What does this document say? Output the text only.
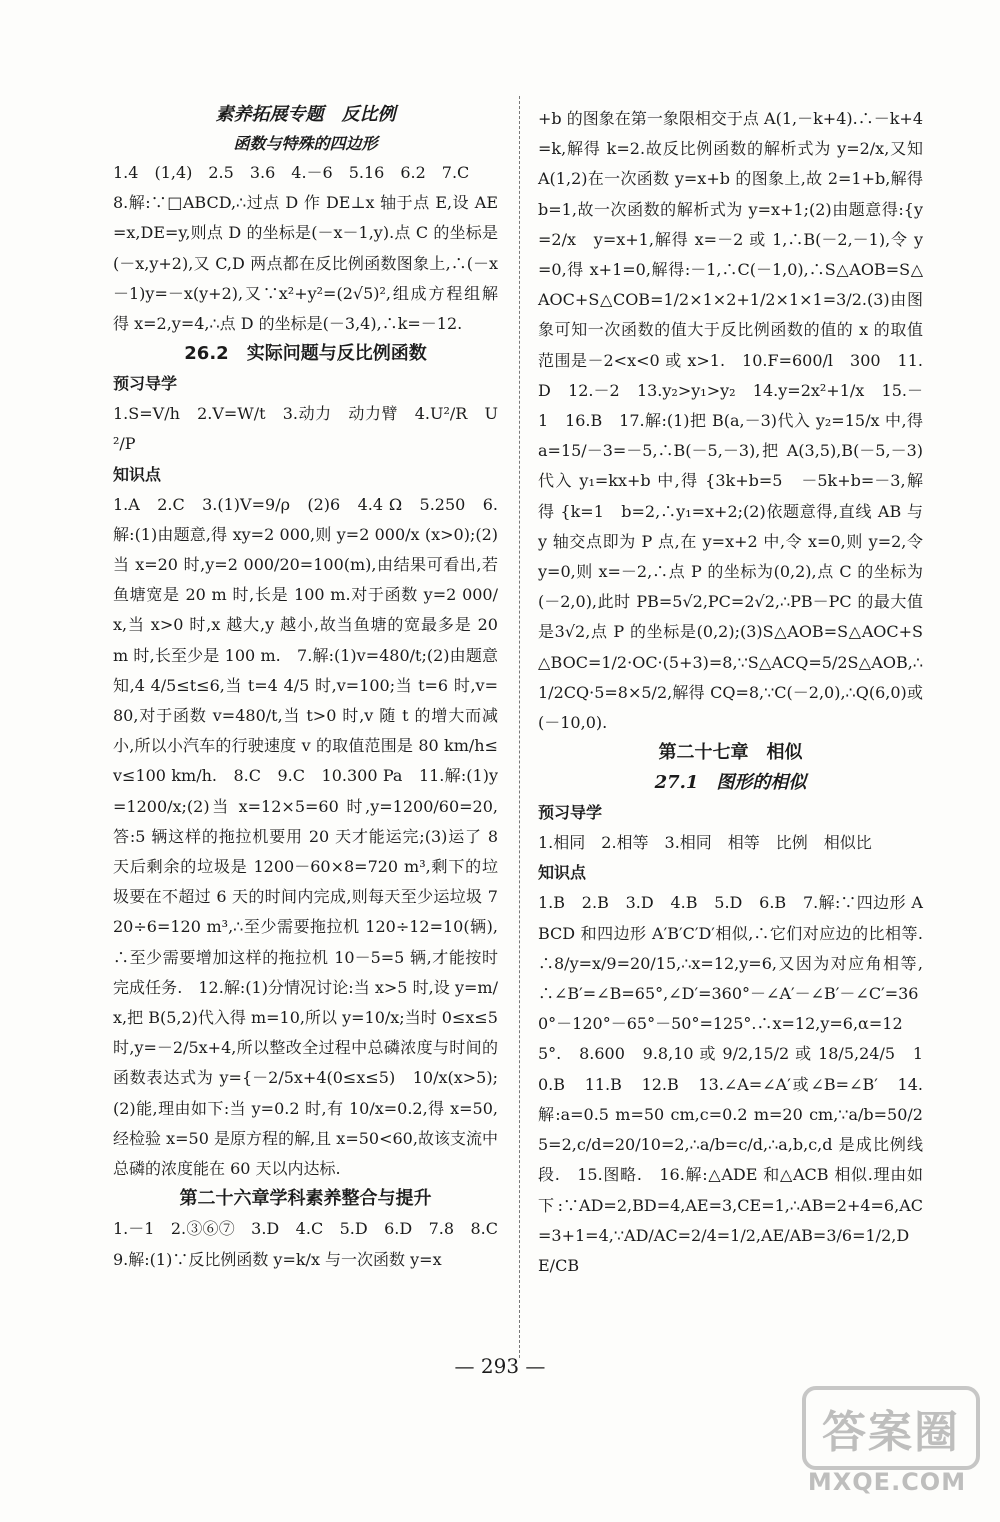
素养拓展专题　反比例

函数与特殊的四边形

1.4　(1,4)　2.5　3.6　4.－6　5.16　6.2　7.C

8.解:∵□ABCD,∴过点 D 作 DE⊥x 轴于点 E,设 AE=x,DE=y,则点 D 的坐标是(－x－1,y).点 C 的坐标是(－x,y+2),又 C,D 两点都在反比例函数图象上,∴(－x－1)y=－x(y+2),又∵x²+y²=(2√5)²,组成方程组解得 x=2,y=4,∴点 D 的坐标是(－3,4),∴k=－12.

26.2　实际问题与反比例函数

预习导学

1.S=V/h　2.V=W/t　3.动力　动力臂　4.U²/R　U²/P

知识点

1.A　2.C　3.(1)V=9/ρ　(2)6　4.4 Ω　5.250　6.解:(1)由题意,得 xy=2 000,则 y=2 000/x (x>0);(2)当 x=20 时,y=2 000/20=100(m),由结果可看出,若鱼塘宽是 20 m 时,长是 100 m.对于函数 y=2 000/x,当 x>0 时,x 越大,y 越小,故当鱼塘的宽最多是 20 m 时,长至少是 100 m.　7.解:(1)v=480/t;(2)由题意知,4 4/5≤t≤6,当 t=4 4/5 时,v=100;当 t=6 时,v=80,对于函数 v=480/t,当 t>0 时,v 随 t 的增大而减小,所以小汽车的行驶速度 v 的取值范围是 80 km/h≤v≤100 km/h.　8.C　9.C　10.300 Pa　11.解:(1)y=1200/x;(2)当 x=12×5=60 时,y=1200/60=20,答:5 辆这样的拖拉机要用 20 天才能运完;(3)运了 8 天后剩余的垃圾是 1200－60×8=720 m³,剩下的垃圾要在不超过 6 天的时间内完成,则每天至少运垃圾 720÷6=120 m³,∴至少需要拖拉机 120÷12=10(辆),∴至少需要增加这样的拖拉机 10－5=5 辆,才能按时完成任务.　12.解:(1)分情况讨论:当 x>5 时,设 y=m/x,把 B(5,2)代入得 m=10,所以 y=10/x;当时 0≤x≤5 时,y=－2/5x+4,所以整改全过程中总磷浓度与时间的函数表达式为 y={－2/5x+4(0≤x≤5)　10/x(x>5);(2)能,理由如下:当 y=0.2 时,有 10/x=0.2,得 x=50,经检验 x=50 是原方程的解,且 x=50<60,故该支流中总磷的浓度能在 60 天以内达标.

第二十六章学科素养整合与提升

1.－1　2.③⑥⑦　3.D　4.C　5.D　6.D　7.8　8.C　9.解:(1)∵反比例函数 y=k/x 与一次函数 y=x

+b 的图象在第一象限相交于点 A(1,－k+4).∴－k+4=k,解得 k=2.故反比例函数的解析式为 y=2/x,又知 A(1,2)在一次函数 y=x+b 的图象上,故 2=1+b,解得 b=1,故一次函数的解析式为 y=x+1;(2)由题意得:{y=2/x　y=x+1,解得 x=－2 或 1,∴B(－2,－1),令 y=0,得 x+1=0,解得:－1,∴C(－1,0),∴S△AOB=S△AOC+S△COB=1/2×1×2+1/2×1×1=3/2.(3)由图象可知一次函数的值大于反比例函数的值的 x 的取值范围是－2<x<0 或 x>1.　10.F=600/l　300　11.D　12.－2　13.y₂>y₁>y₂　14.y=2x²+1/x　15.－1　16.B　17.解:(1)把 B(a,－3)代入 y₂=15/x 中,得 a=15/－3=－5,∴B(－5,－3),把 A(3,5),B(－5,－3)代入 y₁=kx+b 中,得 {3k+b=5　－5k+b=－3,解得 {k=1　b=2,∴y₁=x+2;(2)依题意得,直线 AB 与 y 轴交点即为 P 点,在 y=x+2 中,令 x=0,则 y=2,令 y=0,则 x=－2,∴点 P 的坐标为(0,2),点 C 的坐标为(－2,0),此时 PB=5√2,PC=2√2,∴PB－PC 的最大值是3√2,点 P 的坐标是(0,2);(3)S△AOB=S△AOC+S△BOC=1/2·OC·(5+3)=8,∵S△ACQ=5/2S△AOB,∴1/2CQ·5=8×5/2,解得 CQ=8,∵C(－2,0),∴Q(6,0)或(－10,0).

第二十七章　相似

27.1　图形的相似

预习导学

1.相同　2.相等　3.相同　相等　比例　相似比

知识点

1.B　2.B　3.D　4.B　5.D　6.B　7.解:∵四边形 ABCD 和四边形 A′B′C′D′相似,∴它们对应边的比相等.∴8/y=x/9=20/15,∴x=12,y=6,又因为对应角相等,∴∠B′=∠B=65°,∠D′=360°－∠A′－∠B′－∠C′=360°－120°－65°－50°=125°.∴x=12,y=6,α=125°.　8.600　9.8,10 或 9/2,15/2 或 18/5,24/5　10.B　11.B　12.B　13.∠A=∠A′或∠B=∠B′　14.解:a=0.5 m=50 cm,c=0.2 m=20 cm,∵a/b=50/25=2,c/d=20/10=2,∴a/b=c/d,∴a,b,c,d 是成比例线段.　15.图略.　16.解:△ADE 和△ACB 相似.理由如下:∵AD=2,BD=4,AE=3,CE=1,∴AB=2+4=6,AC=3+1=4,∵AD/AC=2/4=1/2,AE/AB=3/6=1/2,DE/CB

— 293 —
答案圈
MXQE.COM
